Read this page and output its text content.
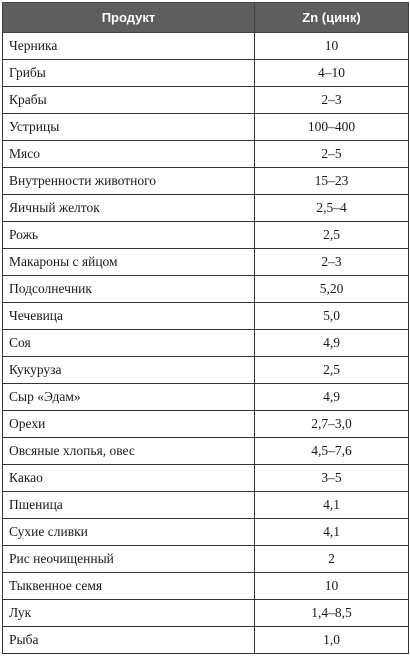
Продукт	Zn (цинк)
Черника	10
Грибы	4–10
Крабы	2–3
Устрицы	100–400
Мясо	2–5
Внутренности животного	15–23
Яичный желток	2,5–4
Рожь	2,5
Макароны с яйцом	2–3
Подсолнечник	5,20
Чечевица	5,0
Соя	4,9
Кукуруза	2,5
Сыр «Эдам»	4,9
Орехи	2,7–3,0
Овсяные хлопья, овес	4,5–7,6
Какао	3–5
Пшеница	4,1
Сухие сливки	4,1
Рис неочищенный	2
Тыквенное семя	10
Лук	1,4–8,5
Рыба	1,0
